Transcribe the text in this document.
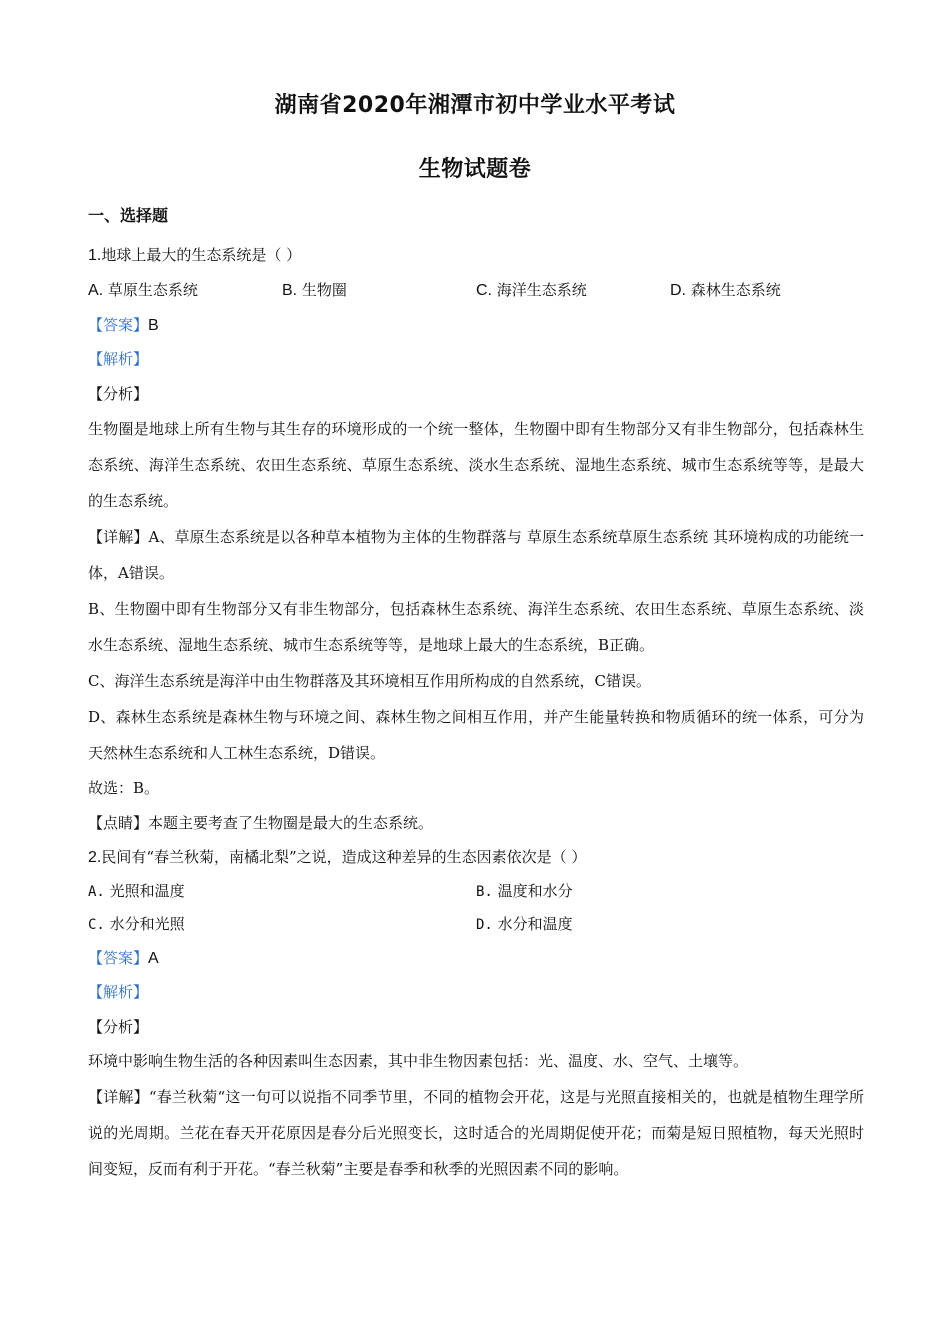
湖南省2020年湘潭市初中学业水平考试
生物试题卷
一、选择题
1.地球上最大的生态系统是（ ）
A. 草原生态系统	B. 生物圈	C. 海洋生态系统	D. 森林生态系统
【答案】B
【解析】
【分析】
生物圈是地球上所有生物与其生存的环境形成的一个统一整体，生物圈中即有生物部分又有非生物部分，包括森林生态系统、海洋生态系统、农田生态系统、草原生态系统、淡水生态系统、湿地生态系统、城市生态系统等等，是最大的生态系统。
【详解】A、草原生态系统是以各种草本植物为主体的生物群落与 草原生态系统草原生态系统 其环境构成的功能统一体，A错误。
B、生物圈中即有生物部分又有非生物部分，包括森林生态系统、海洋生态系统、农田生态系统、草原生态系统、淡水生态系统、湿地生态系统、城市生态系统等等，是地球上最大的生态系统，B正确。
C、海洋生态系统是海洋中由生物群落及其环境相互作用所构成的自然系统，C错误。
D、森林生态系统是森林生物与环境之间、森林生物之间相互作用，并产生能量转换和物质循环的统一体系，可分为天然林生态系统和人工林生态系统，D错误。
故选：B。
【点睛】本题主要考查了生物圈是最大的生态系统。
2.民间有“春兰秋菊，南橘北梨”之说，造成这种差异的生态因素依次是（ ）
A. 光照和温度	B. 温度和水分
C. 水分和光照	D. 水分和温度
【答案】A
【解析】
【分析】
环境中影响生物生活的各种因素叫生态因素，其中非生物因素包括：光、温度、水、空气、土壤等。
【详解】“春兰秋菊“这一句可以说指不同季节里，不同的植物会开花，这是与光照直接相关的，也就是植物生理学所说的光周期。兰花在春天开花原因是春分后光照变长，这时适合的光周期促使开花；而菊是短日照植物，每天光照时间变短，反而有利于开花。“春兰秋菊”主要是春季和秋季的光照因素不同的影响。
